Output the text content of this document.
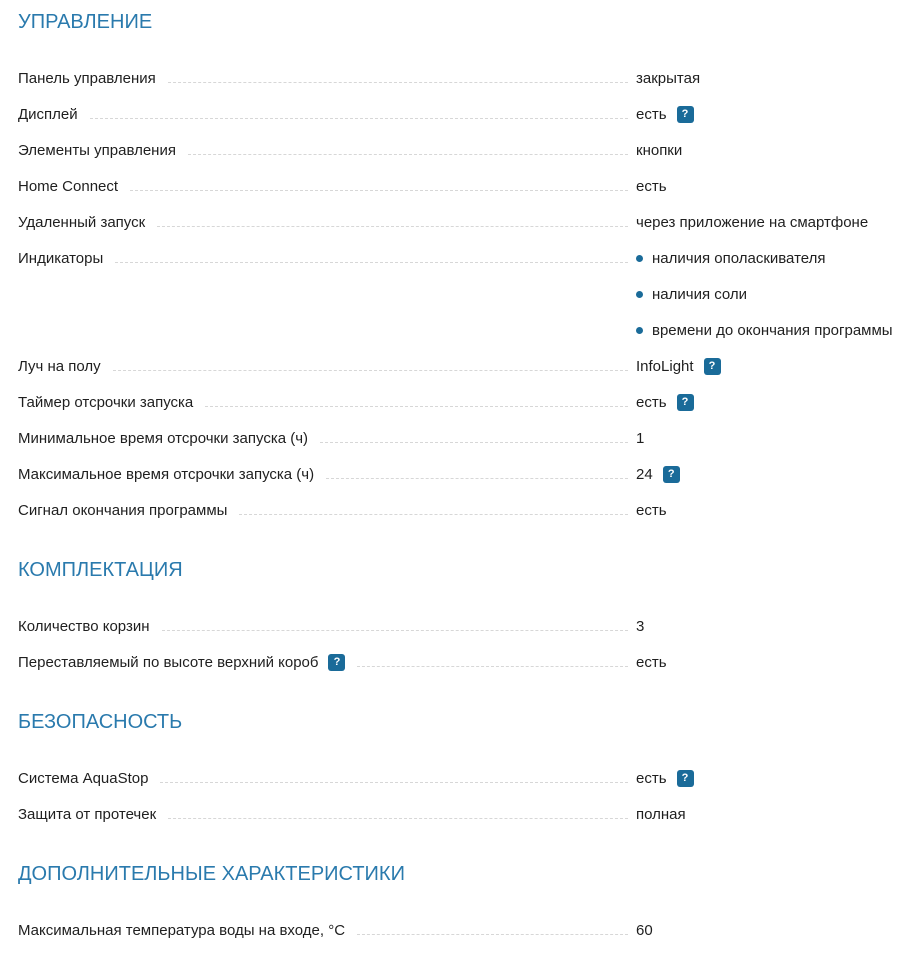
УПРАВЛЕНИЕ
Панель управления	закрытая
Дисплей	есть	?
Элементы управления	кнопки
Home Connect	есть
Удаленный запуск	через приложение на смартфоне
Индикаторы	наличия ополаскивателя
наличия соли
времени до окончания программы
Луч на полу	InfoLight	?
Таймер отсрочки запуска	есть	?
Минимальное время отсрочки запуска (ч)	1
Максимальное время отсрочки запуска (ч)	24	?
Сигнал окончания программы	есть
КОМПЛЕКТАЦИЯ
Количество корзин	3
Переставляемый по высоте верхний короб	?	есть
БЕЗОПАСНОСТЬ
Система AquaStop	есть	?
Защита от протечек	полная
ДОПОЛНИТЕЛЬНЫЕ ХАРАКТЕРИСТИКИ
Максимальная температура воды на входе, °C	60
